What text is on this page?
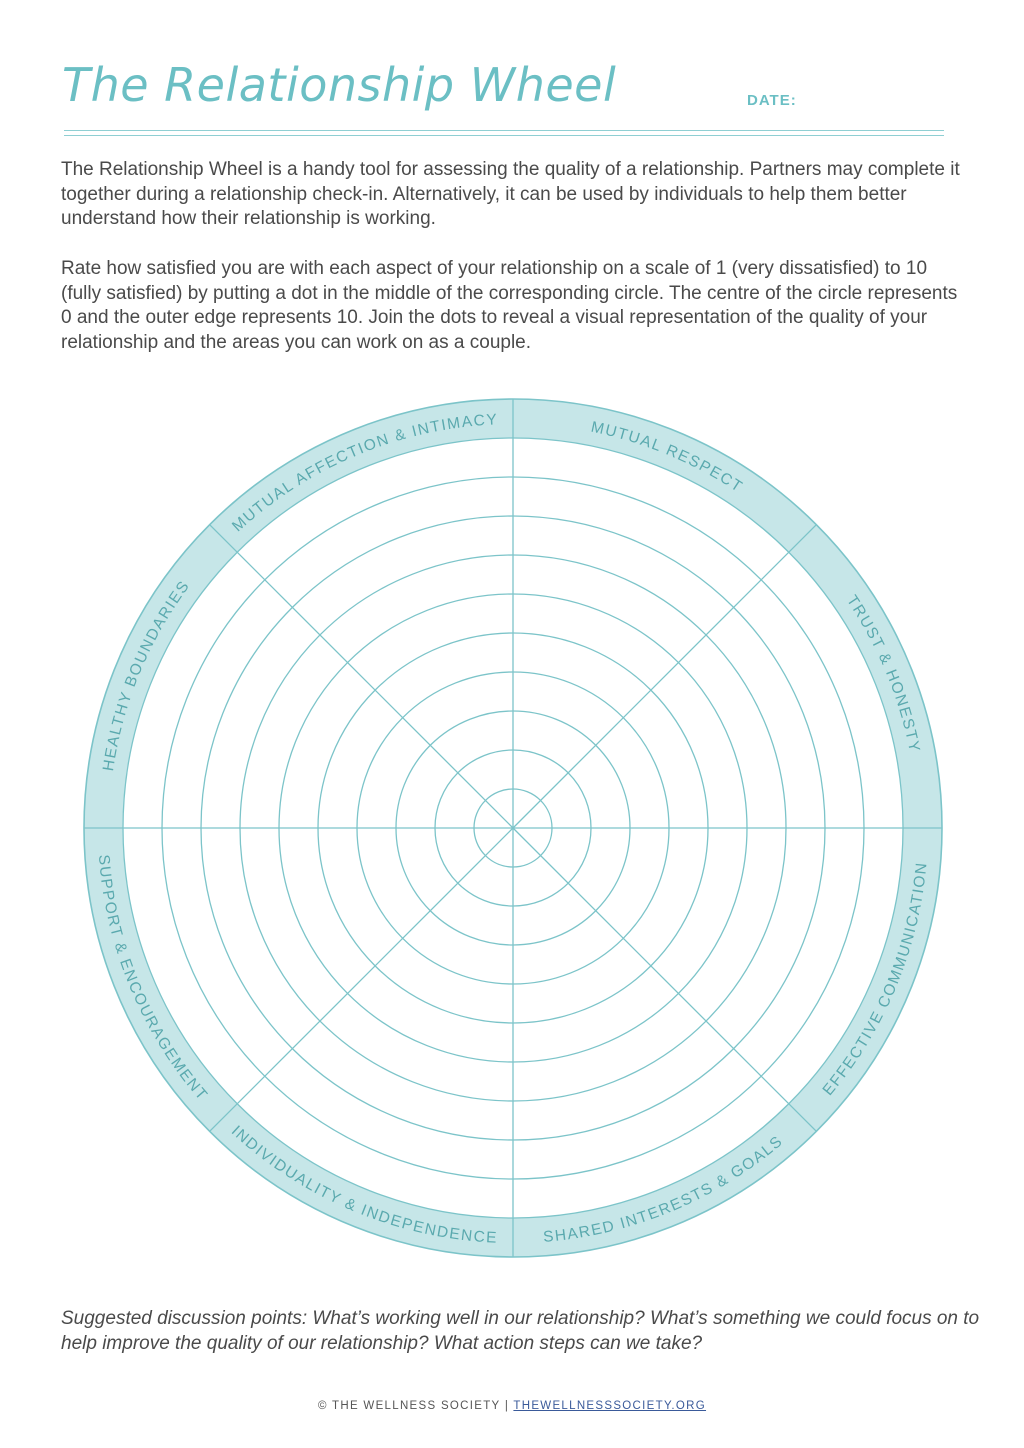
The Relationship Wheel	DATE:

The Relationship Wheel is a handy tool for assessing the quality of a relationship. Partners may complete it together during a relationship check-in. Alternatively, it can be used by individuals to help them better understand how their relationship is working.

Rate how satisfied you are with each aspect of your relationship on a scale of 1 (very dissatisfied) to 10 (fully satisfied) by putting a dot in the middle of the corresponding circle. The centre of the circle represents 0 and the outer edge represents 10. Join the dots to reveal a visual representation of the quality of your relationship and the areas you can work on as a couple.

MUTUAL RESPECT
TRUST & HONESTY
EFFECTIVE COMMUNICATION
SHARED INTERESTS & GOALS
INDIVIDUALITY & INDEPENDENCE
SUPPORT & ENCOURAGEMENT
HEALTHY BOUNDARIES
MUTUAL AFFECTION & INTIMACY

Suggested discussion points: What’s working well in our relationship? What’s something we could focus on to help improve the quality of our relationship? What action steps can we take?

© THE WELLNESS SOCIETY | THEWELLNESSSOCIETY.ORG
